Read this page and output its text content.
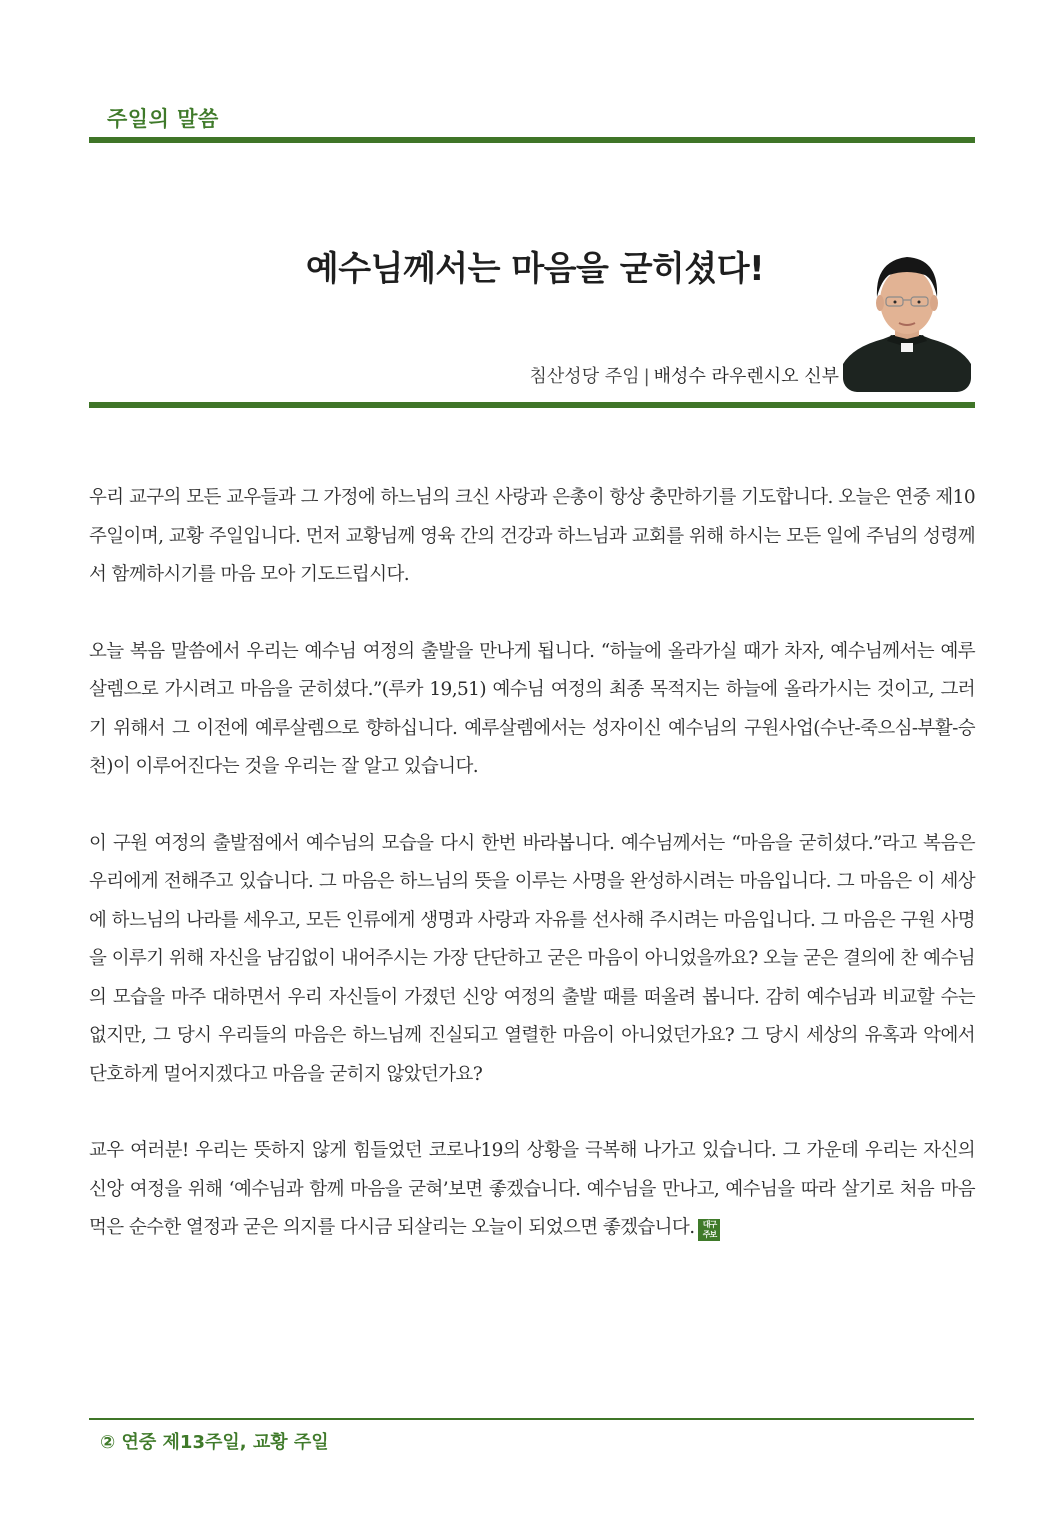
주일의 말씀
예수님께서는 마음을 굳히셨다!
침산성당 주임 | 배성수 라우렌시오 신부

우리 교구의 모든 교우들과 그 가정에 하느님의 크신 사랑과 은총이 항상 충만하기를 기도합니다. 오늘은 연중 제10주일이며, 교황 주일입니다. 먼저 교황님께 영육 간의 건강과 하느님과 교회를 위해 하시는 모든 일에 주님의 성령께서 함께하시기를 마음 모아 기도드립시다.

오늘 복음 말씀에서 우리는 예수님 여정의 출발을 만나게 됩니다. “하늘에 올라가실 때가 차자, 예수님께서는 예루살렘으로 가시려고 마음을 굳히셨다.”(루카 19,51) 예수님 여정의 최종 목적지는 하늘에 올라가시는 것이고, 그러기 위해서 그 이전에 예루살렘으로 향하십니다. 예루살렘에서는 성자이신 예수님의 구원사업(수난-죽으심-부활-승천)이 이루어진다는 것을 우리는 잘 알고 있습니다.

이 구원 여정의 출발점에서 예수님의 모습을 다시 한번 바라봅니다. 예수님께서는 “마음을 굳히셨다.”라고 복음은 우리에게 전해주고 있습니다. 그 마음은 하느님의 뜻을 이루는 사명을 완성하시려는 마음입니다. 그 마음은 이 세상에 하느님의 나라를 세우고, 모든 인류에게 생명과 사랑과 자유를 선사해 주시려는 마음입니다. 그 마음은 구원 사명을 이루기 위해 자신을 남김없이 내어주시는 가장 단단하고 굳은 마음이 아니었을까요? 오늘 굳은 결의에 찬 예수님의 모습을 마주 대하면서 우리 자신들이 가졌던 신앙 여정의 출발 때를 떠올려 봅니다. 감히 예수님과 비교할 수는 없지만, 그 당시 우리들의 마음은 하느님께 진실되고 열렬한 마음이 아니었던가요? 그 당시 세상의 유혹과 악에서 단호하게 멀어지겠다고 마음을 굳히지 않았던가요?

교우 여러분! 우리는 뜻하지 않게 힘들었던 코로나19의 상황을 극복해 나가고 있습니다. 그 가운데 우리는 자신의 신앙 여정을 위해 ‘예수님과 함께 마음을 굳혀’보면 좋겠습니다. 예수님을 만나고, 예수님을 따라 살기로 처음 마음먹은 순수한 열정과 굳은 의지를 다시금 되살리는 오늘이 되었으면 좋겠습니다. 대구
주보

② 연중 제13주일, 교황 주일
